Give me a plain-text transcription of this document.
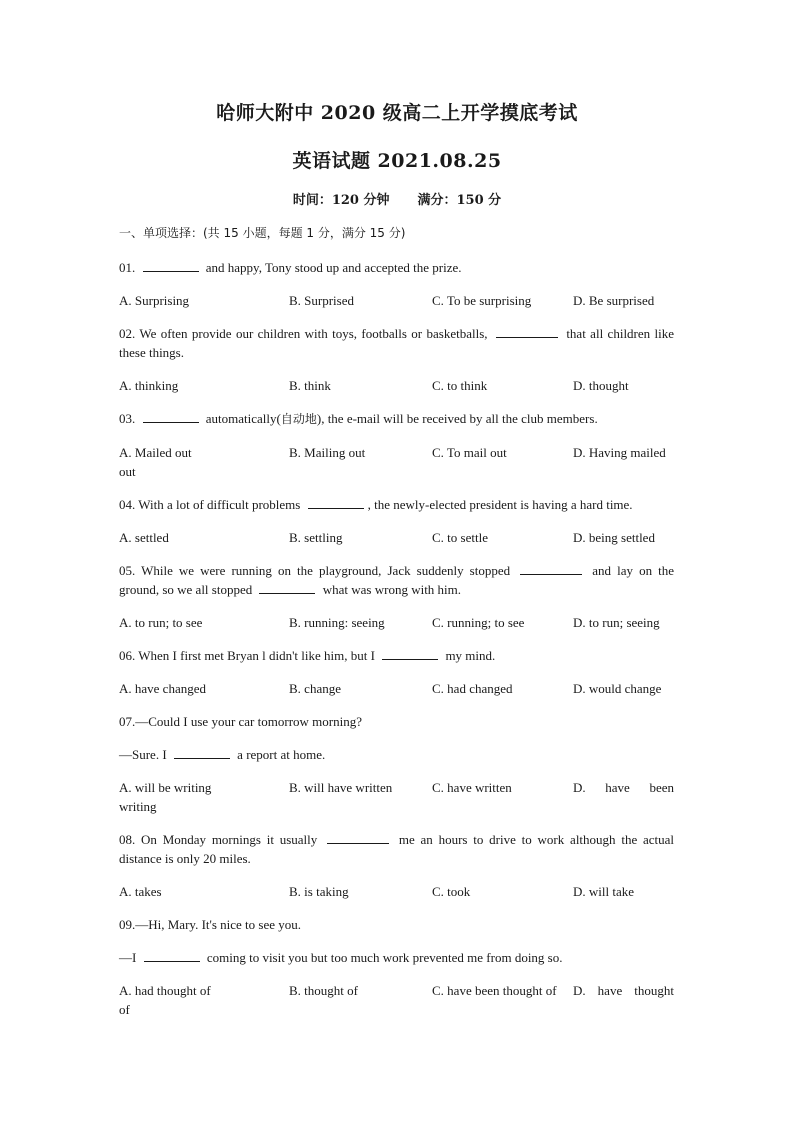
哈师大附中 2020 级高二上开学摸底考试
英语试题 2021.08.25
时间：120 分钟 满分：150 分
一、单项选择：(共 15 小题，每题 1 分，满分 15 分)
01.	and happy, Tony stood up and accepted the prize.
A. Surprising	B. Surprised	C. To be surprising	D. Be surprised
02. We often provide our children with toys, footballs or basketballs,	that all children like these things.
A. thinking	B. think	C. to think	D. thought
03.	automatically(自动地), the e-mail will be received by all the club members.
A. Mailed out	B. Mailing out	C. To mail out	D. Having mailed
out
04. With a lot of difficult problems	, the newly-elected president is having a hard time.
A. settled	B. settling	C. to settle	D. being settled
05. While we were running on the playground, Jack suddenly stopped	and lay on the ground, so we all stopped	what was wrong with him.
A. to run; to see	B. running: seeing	C. running; to see	D. to run; seeing
06. When I first met Bryan l didn't like him, but I	my mind.
A. have changed	B. change	C. had changed	D. would change
07.—Could I use your car tomorrow morning?
—Sure. I	a report at home.
A. will be writing	B. will have written	C. have written	D. have been
writing
08. On Monday mornings it usually	me an hours to drive to work although the actual distance is only 20 miles.
A. takes	B. is taking	C. took	D. will take
09.—Hi, Mary. It's nice to see you.
—I	coming to visit you but too much work prevented me from doing so.
A. had thought of	B. thought of	C. have been thought of	D. have thought
of
